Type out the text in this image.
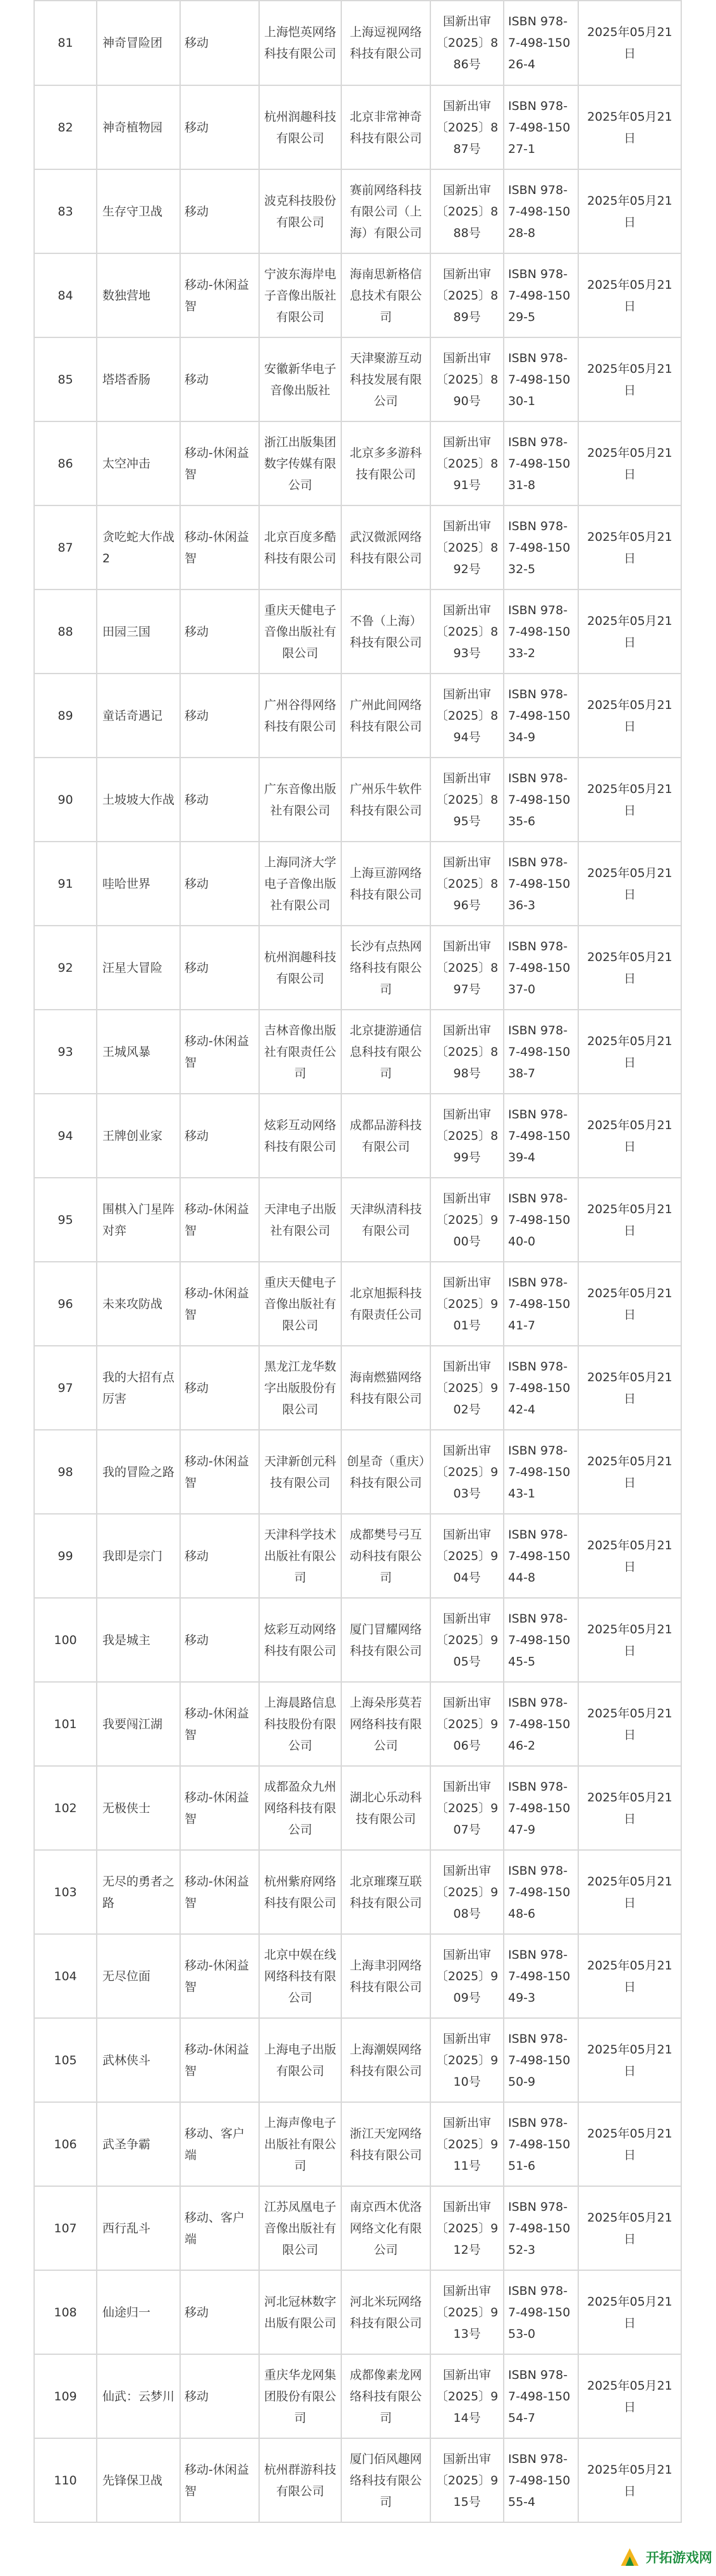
81	神奇冒险团	移动	上海恺英网络科技有限公司	上海逗视网络科技有限公司	国新出审〔2025〕886号	ISBN 978-7-498-15026-4	2025年05月21日
82	神奇植物园	移动	杭州润趣科技有限公司	北京非常神奇科技有限公司	国新出审〔2025〕887号	ISBN 978-7-498-15027-1	2025年05月21日
83	生存守卫战	移动	波克科技股份有限公司	赛前网络科技有限公司（上海）有限公司	国新出审〔2025〕888号	ISBN 978-7-498-15028-8	2025年05月21日
84	数独营地	移动-休闲益智	宁波东海岸电子音像出版社有限公司	海南思新格信息技术有限公司	国新出审〔2025〕889号	ISBN 978-7-498-15029-5	2025年05月21日
85	塔塔香肠	移动	安徽新华电子音像出版社	天津聚游互动科技发展有限公司	国新出审〔2025〕890号	ISBN 978-7-498-15030-1	2025年05月21日
86	太空冲击	移动-休闲益智	浙江出版集团数字传媒有限公司	北京多多游科技有限公司	国新出审〔2025〕891号	ISBN 978-7-498-15031-8	2025年05月21日
87	贪吃蛇大作战2	移动-休闲益智	北京百度多酷科技有限公司	武汉微派网络科技有限公司	国新出审〔2025〕892号	ISBN 978-7-498-15032-5	2025年05月21日
88	田园三国	移动	重庆天健电子音像出版社有限公司	不鲁（上海）科技有限公司	国新出审〔2025〕893号	ISBN 978-7-498-15033-2	2025年05月21日
89	童话奇遇记	移动	广州谷得网络科技有限公司	广州此间网络科技有限公司	国新出审〔2025〕894号	ISBN 978-7-498-15034-9	2025年05月21日
90	土坡坡大作战	移动	广东音像出版社有限公司	广州乐牛软件科技有限公司	国新出审〔2025〕895号	ISBN 978-7-498-15035-6	2025年05月21日
91	哇哈世界	移动	上海同济大学电子音像出版社有限公司	上海亘游网络科技有限公司	国新出审〔2025〕896号	ISBN 978-7-498-15036-3	2025年05月21日
92	汪星大冒险	移动	杭州润趣科技有限公司	长沙有点热网络科技有限公司	国新出审〔2025〕897号	ISBN 978-7-498-15037-0	2025年05月21日
93	王城风暴	移动-休闲益智	吉林音像出版社有限责任公司	北京捷游通信息科技有限公司	国新出审〔2025〕898号	ISBN 978-7-498-15038-7	2025年05月21日
94	王牌创业家	移动	炫彩互动网络科技有限公司	成都品游科技有限公司	国新出审〔2025〕899号	ISBN 978-7-498-15039-4	2025年05月21日
95	围棋入门星阵对弈	移动-休闲益智	天津电子出版社有限公司	天津纵清科技有限公司	国新出审〔2025〕900号	ISBN 978-7-498-15040-0	2025年05月21日
96	未来攻防战	移动-休闲益智	重庆天健电子音像出版社有限公司	北京旭振科技有限责任公司	国新出审〔2025〕901号	ISBN 978-7-498-15041-7	2025年05月21日
97	我的大招有点厉害	移动	黑龙江龙华数字出版股份有限公司	海南燃猫网络科技有限公司	国新出审〔2025〕902号	ISBN 978-7-498-15042-4	2025年05月21日
98	我的冒险之路	移动-休闲益智	天津新创元科技有限公司	创星奇（重庆）科技有限公司	国新出审〔2025〕903号	ISBN 978-7-498-15043-1	2025年05月21日
99	我即是宗门	移动	天津科学技术出版社有限公司	成都樊号弓互动科技有限公司	国新出审〔2025〕904号	ISBN 978-7-498-15044-8	2025年05月21日
100	我是城主	移动	炫彩互动网络科技有限公司	厦门冒耀网络科技有限公司	国新出审〔2025〕905号	ISBN 978-7-498-15045-5	2025年05月21日
101	我要闯江湖	移动-休闲益智	上海晨路信息科技股份有限公司	上海朵彤莫若网络科技有限公司	国新出审〔2025〕906号	ISBN 978-7-498-15046-2	2025年05月21日
102	无极侠士	移动-休闲益智	成都盈众九州网络科技有限公司	湖北心乐动科技有限公司	国新出审〔2025〕907号	ISBN 978-7-498-15047-9	2025年05月21日
103	无尽的勇者之路	移动-休闲益智	杭州紫府网络科技有限公司	北京璀璨互联科技有限公司	国新出审〔2025〕908号	ISBN 978-7-498-15048-6	2025年05月21日
104	无尽位面	移动-休闲益智	北京中娱在线网络科技有限公司	上海聿羽网络科技有限公司	国新出审〔2025〕909号	ISBN 978-7-498-15049-3	2025年05月21日
105	武林侠斗	移动-休闲益智	上海电子出版有限公司	上海潮娱网络科技有限公司	国新出审〔2025〕910号	ISBN 978-7-498-15050-9	2025年05月21日
106	武圣争霸	移动、客户端	上海声像电子出版社有限公司	浙江天宠网络科技有限公司	国新出审〔2025〕911号	ISBN 978-7-498-15051-6	2025年05月21日
107	西行乱斗	移动、客户端	江苏凤凰电子音像出版社有限公司	南京西木优洛网络文化有限公司	国新出审〔2025〕912号	ISBN 978-7-498-15052-3	2025年05月21日
108	仙途归一	移动	河北冠林数字出版有限公司	河北米玩网络科技有限公司	国新出审〔2025〕913号	ISBN 978-7-498-15053-0	2025年05月21日
109	仙武：云梦川	移动	重庆华龙网集团股份有限公司	成都像素龙网络科技有限公司	国新出审〔2025〕914号	ISBN 978-7-498-15054-7	2025年05月21日
110	先锋保卫战	移动-休闲益智	杭州群游科技有限公司	厦门佰风趣网络科技有限公司	国新出审〔2025〕915号	ISBN 978-7-498-15055-4	2025年05月21日
开拓游戏网
